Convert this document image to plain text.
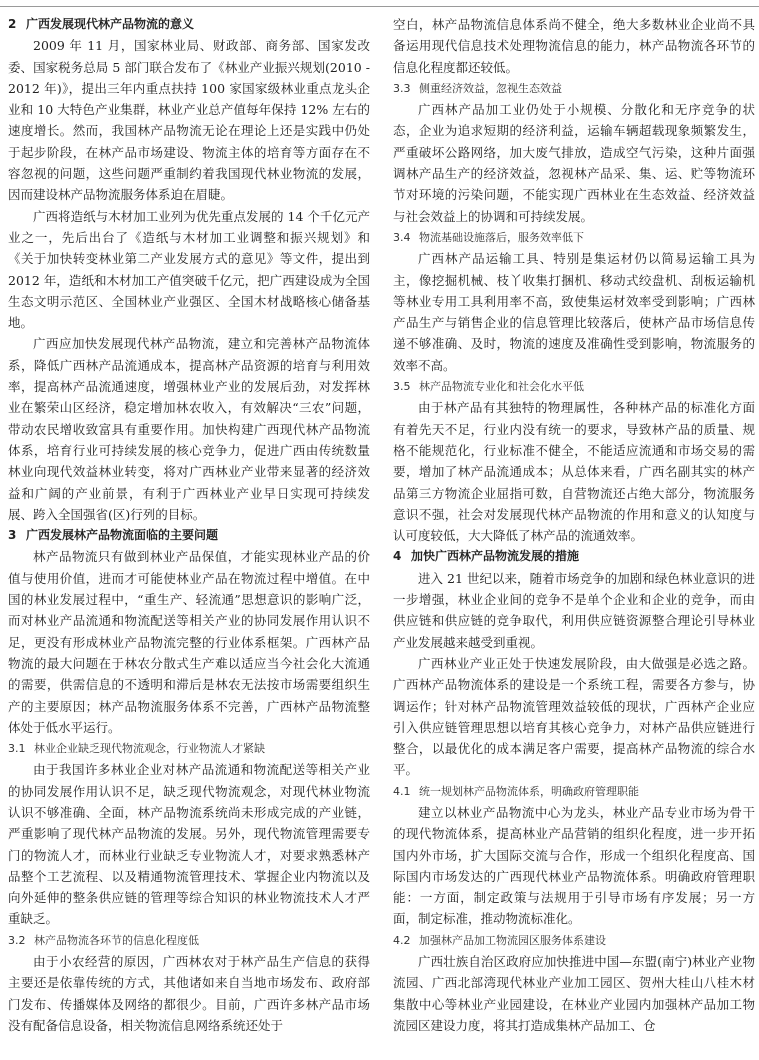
2 广西发展现代林产品物流的意义

2009 年 11 月，国家林业局、财政部、商务部、国家发改委、国家税务总局 5 部门联合发布了《林业产业振兴规划(2010 - 2012 年)》，提出三年内重点扶持 100 家国家级林业重点龙头企业和 10 大特色产业集群，林业产业总产值每年保持 12% 左右的速度增长。然而，我国林产品物流无论在理论上还是实践中仍处于起步阶段，在林产品市场建设、物流主体的培育等方面存在不容忽视的问题，这些问题严重制约着我国现代林业物流的发展，因而建设林产品物流服务体系迫在眉睫。

广西将造纸与木材加工业列为优先重点发展的 14 个千亿元产业之一，先后出台了《造纸与木材加工业调整和振兴规划》和《关于加快转变林业第二产业发展方式的意见》等文件，提出到 2012 年，造纸和木材加工产值突破千亿元，把广西建设成为全国生态文明示范区、全国林业产业强区、全国木材战略核心储备基地。

广西应加快发展现代林产品物流，建立和完善林产品物流体系，降低广西林产品流通成本，提高林产品资源的培育与利用效率，提高林产品流通速度，增强林业产业的发展后劲，对发挥林业在繁荣山区经济，稳定增加林农收入，有效解决“三农”问题，带动农民增收致富具有重要作用。加快构建广西现代林产品物流体系，培育行业可持续发展的核心竞争力，促进广西由传统数量林业向现代效益林业转变，将对广西林业产业带来显著的经济效益和广阔的产业前景，有利于广西林业产业早日实现可持续发展、跨入全国强省(区)行列的目标。

3 广西发展林产品物流面临的主要问题

林产品物流只有做到林业产品保值，才能实现林业产品的价值与使用价值，进而才可能使林业产品在物流过程中增值。在中国的林业发展过程中，“重生产、轻流通”思想意识的影响广泛，而对林业产品流通和物流配送等相关产业的协同发展作用认识不足，更没有形成林业产品物流完整的行业体系框架。广西林产品物流的最大问题在于林农分散式生产难以适应当今社会化大流通的需要，供需信息的不透明和滞后是林农无法按市场需要组织生产的主要原因；林产品物流服务体系不完善，广西林产品物流整体处于低水平运行。

3.1 林业企业缺乏现代物流观念，行业物流人才紧缺

由于我国许多林业企业对林产品流通和物流配送等相关产业的协同发展作用认识不足，缺乏现代物流观念，对现代林业物流认识不够准确、全面，林产品物流系统尚未形成完成的产业链，严重影响了现代林产品物流的发展。另外，现代物流管理需要专门的物流人才，而林业行业缺乏专业物流人才，对要求熟悉林产品整个工艺流程、以及精通物流管理技术、掌握企业内物流以及向外延伸的整条供应链的管理等综合知识的林业物流技术人才严重缺乏。

3.2 林产品物流各环节的信息化程度低

由于小农经营的原因，广西林农对于林产品生产信息的获得主要还是依靠传统的方式，其他诸如来自当地市场发布、政府部门发布、传播媒体及网络的都很少。目前，广西许多林产品市场没有配备信息设备，相关物流信息网络系统还处于

空白，林产品物流信息体系尚不健全，绝大多数林业企业尚不具备运用现代信息技术处理物流信息的能力，林产品物流各环节的信息化程度都还较低。

3.3 侧重经济效益，忽视生态效益

广西林产品加工业仍处于小规模、分散化和无序竞争的状态，企业为追求短期的经济利益，运输车辆超载现象频繁发生，严重破坏公路网络，加大废气排放，造成空气污染，这种片面强调林产品生产的经济效益，忽视林产品采、集、运、贮等物流环节对环境的污染问题，不能实现广西林业在生态效益、经济效益与社会效益上的协调和可持续发展。

3.4 物流基础设施落后，服务效率低下

广西林产品运输工具、特别是集运材仍以简易运输工具为主，像挖掘机械、枝丫收集打捆机、移动式绞盘机、刮板运输机等林业专用工具利用率不高，致使集运材效率受到影响；广西林产品生产与销售企业的信息管理比较落后，使林产品市场信息传递不够准确、及时，物流的速度及准确性受到影响，物流服务的效率不高。

3.5 林产品物流专业化和社会化水平低

由于林产品有其独特的物理属性，各种林产品的标准化方面有着先天不足，行业内没有统一的要求，导致林产品的质量、规格不能规范化，行业标准不健全，不能适应流通和市场交易的需要，增加了林产品流通成本；从总体来看，广西名副其实的林产品第三方物流企业屈指可数，自营物流还占绝大部分，物流服务意识不强，社会对发展现代林产品物流的作用和意义的认知度与认可度较低，大大降低了林产品的流通效率。

4 加快广西林产品物流发展的措施

进入 21 世纪以来，随着市场竞争的加剧和绿色林业意识的进一步增强，林业企业间的竞争不是单个企业和企业的竞争，而由供应链和供应链的竞争取代，利用供应链资源整合理论引导林业产业发展越来越受到重视。

广西林业产业正处于快速发展阶段，由大做强是必选之路。广西林产品物流体系的建设是一个系统工程，需要各方参与，协调运作；针对林产品物流管理效益较低的现状，广西林产企业应引入供应链管理思想以培育其核心竞争力，对林产品供应链进行整合，以最优化的成本满足客户需要，提高林产品物流的综合水平。

4.1 统一规划林产品物流体系，明确政府管理职能

建立以林业产品物流中心为龙头，林业产品专业市场为骨干的现代物流体系，提高林业产品营销的组织化程度，进一步开拓国内外市场，扩大国际交流与合作，形成一个组织化程度高、国际国内市场发达的广西现代林业产品物流体系。明确政府管理职能：一方面，制定政策与法规用于引导市场有序发展；另一方面，制定标准，推动物流标准化。

4.2 加强林产品加工物流园区服务体系建设

广西壮族自治区政府应加快推进中国—东盟(南宁)林业产业物流园、广西北部湾现代林业产业加工园区、贺州大桂山八桂木材集散中心等林业产业园建设，在林业产业园内加强林产品加工物流园区建设力度，将其打造成集林产品加工、仓
